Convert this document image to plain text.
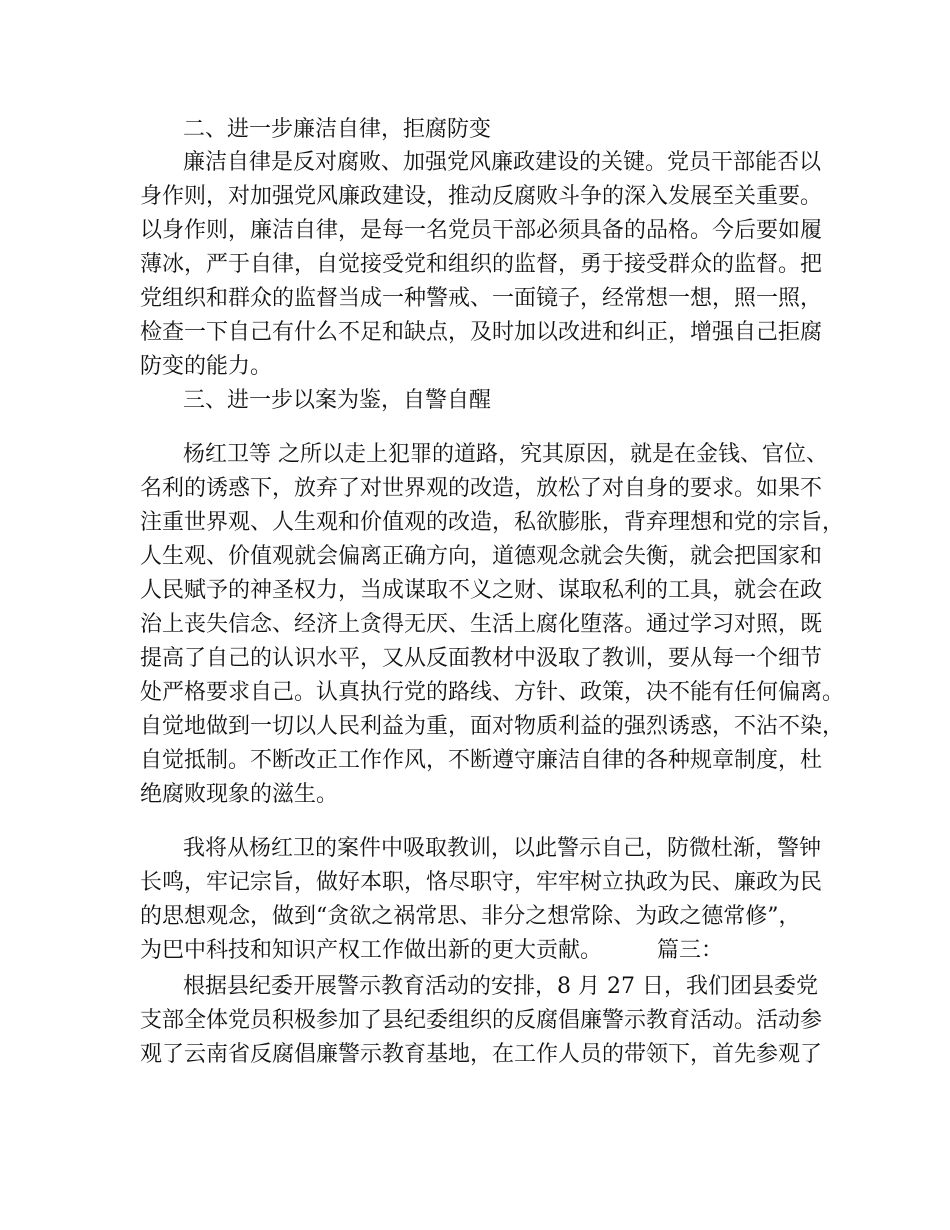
二、进一步廉洁自律，拒腐防变
廉洁自律是反对腐败、加强党风廉政建设的关键。党员干部能否以
身作则，对加强党风廉政建设，推动反腐败斗争的深入发展至关重要。
以身作则，廉洁自律，是每一名党员干部必须具备的品格。今后要如履
薄冰，严于自律，自觉接受党和组织的监督，勇于接受群众的监督。把
党组织和群众的监督当成一种警戒、一面镜子，经常想一想，照一照，
检查一下自己有什么不足和缺点，及时加以改进和纠正，增强自己拒腐
防变的能力。
三、进一步以案为鉴，自警自醒
杨红卫等 之所以走上犯罪的道路，究其原因，就是在金钱、官位、
名利的诱惑下，放弃了对世界观的改造，放松了对自身的要求。如果不
注重世界观、人生观和价值观的改造，私欲膨胀，背弃理想和党的宗旨，
人生观、价值观就会偏离正确方向，道德观念就会失衡，就会把国家和
人民赋予的神圣权力，当成谋取不义之财、谋取私利的工具，就会在政
治上丧失信念、经济上贪得无厌、生活上腐化堕落。通过学习对照，既
提高了自己的认识水平，又从反面教材中汲取了教训，要从每一个细节
处严格要求自己。认真执行党的路线、方针、政策，决不能有任何偏离。
自觉地做到一切以人民利益为重，面对物质利益的强烈诱惑，不沾不染，
自觉抵制。不断改正工作作风，不断遵守廉洁自律的各种规章制度，杜
绝腐败现象的滋生。
我将从杨红卫的案件中吸取教训，以此警示自己，防微杜渐，警钟
长鸣，牢记宗旨，做好本职，恪尽职守，牢牢树立执政为民、廉政为民
的思想观念，做到“贪欲之祸常思、非分之想常除、为政之德常修”，
为巴中科技和知识产权工作做出新的更大贡献。　　　篇三：
根据县纪委开展警示教育活动的安排，8 月 27 日，我们团县委党
支部全体党员积极参加了县纪委组织的反腐倡廉警示教育活动。活动参
观了云南省反腐倡廉警示教育基地，在工作人员的带领下，首先参观了
